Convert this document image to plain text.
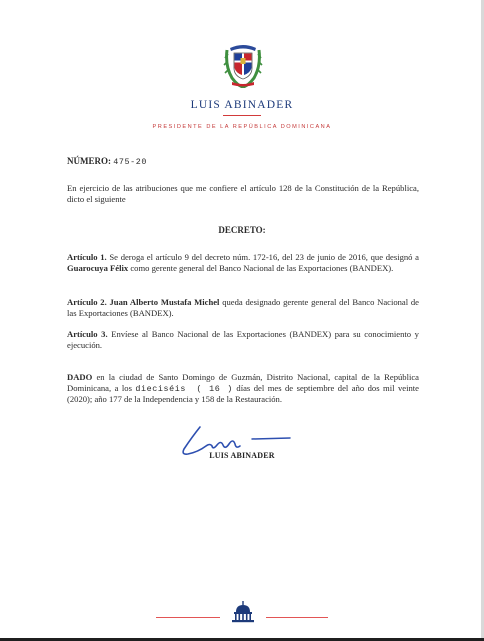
LUIS ABINADER
PRESIDENTE DE LA REPÚBLICA DOMINICANA
NÚMERO: 475-20
En ejercicio de las atribuciones que me confiere el artículo 128 de la Constitución de la República, dicto el siguiente
DECRETO:
Artículo 1. Se deroga el artículo 9 del decreto núm. 172-16, del 23 de junio de 2016, que designó a Guarocuya Félix como gerente general del Banco Nacional de las Exportaciones (BANDEX).
Artículo 2. Juan Alberto Mustafa Michel queda designado gerente general del Banco Nacional de las Exportaciones (BANDEX).
Artículo 3. Envíese al Banco Nacional de las Exportaciones (BANDEX) para su conocimiento y ejecución.
DADO en la ciudad de Santo Domingo de Guzmán, Distrito Nacional, capital de la República Dominicana, a los dieciséis ( 16 ) días del mes de septiembre del año dos mil veinte (2020); año 177 de la Independencia y 158 de la Restauración.
LUIS ABINADER
